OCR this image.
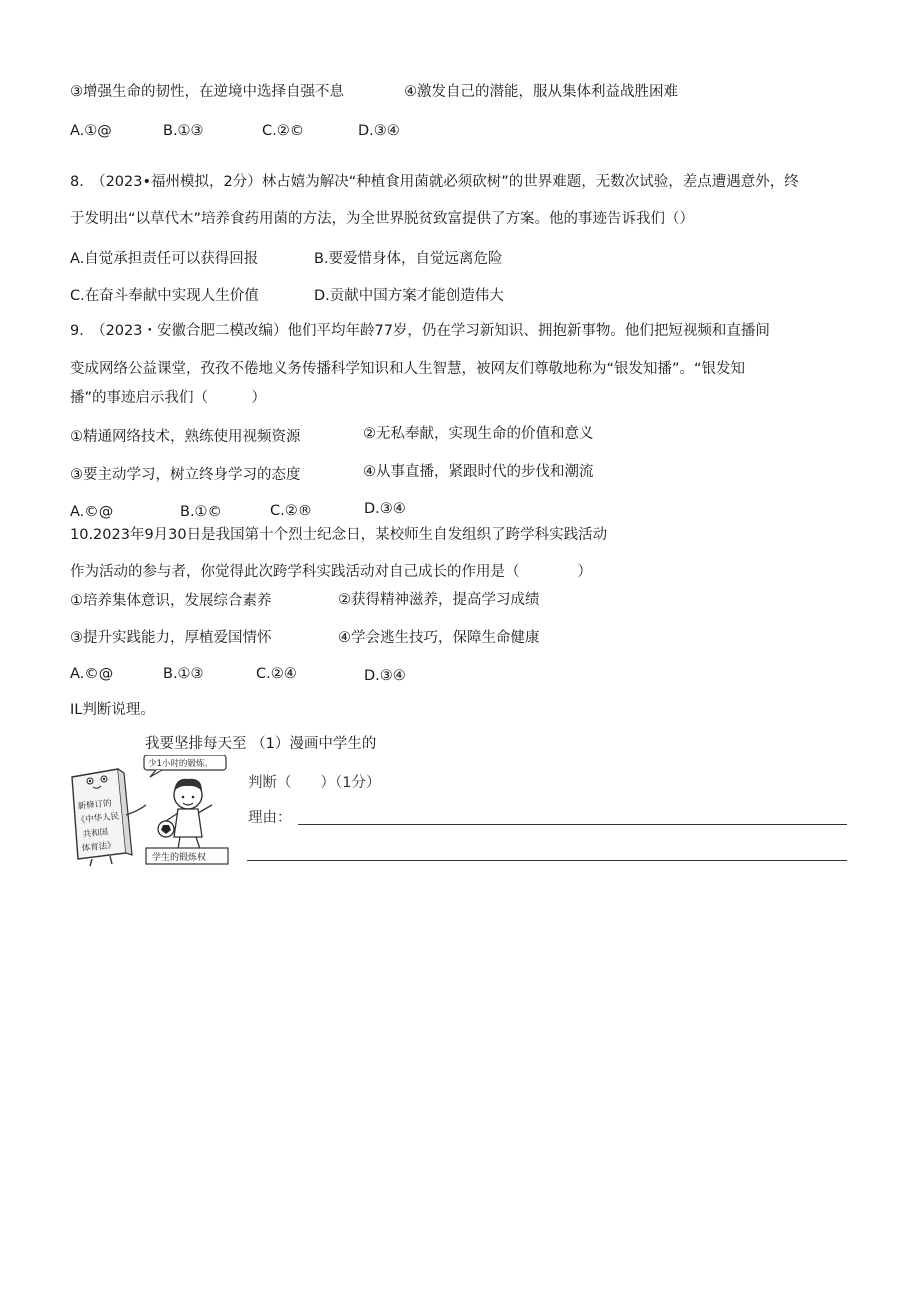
③增强生命的韧性，在逆境中选择自强不息	④激发自己的潜能，服从集体利益战胜困难
A.①@	B.①③	C.②©	D.③④
8.　（2023•福州模拟，2分）林占嬉为解决“种植食用菌就必须砍树”的世界难题，无数次试验，差点遭遇意外，终
于发明出“以草代木”培养食药用菌的方法，为全世界脱贫致富提供了方案。他的事迹告诉我们（）
A.自觉承担责任可以获得回报	B.要爱惜身体，自觉远离危险
C.在奋斗奉献中实现人生价值	D.贡献中国方案才能创造伟大
9.　（2023・安徽合肥二模改编）他们平均年龄77岁，仍在学习新知识、拥抱新事物。他们把短视频和直播间
变成网络公益课堂，孜孜不倦地义务传播科学知识和人生智慧，被网友们尊敬地称为“银发知播”。“银发知
播”的事迹启示我们（　　　）
①精通网络技术，熟练使用视频资源	②无私奉献，实现生命的价值和意义
③要主动学习，树立终身学习的态度	④从事直播，紧跟时代的步伐和潮流
A.©@	B.①©	C.②®	D.③④
10.2023年9月30日是我国第十个烈士纪念日，某校师生自发组织了跨学科实践活动
作为活动的参与者，你觉得此次跨学科实践活动对自己成长的作用是（　　　　）
①培养集体意识，发展综合素养	②获得精神滋养，提高学习成绩
③提升实践能力，厚植爱国情怀	④学会逃生技巧，保障生命健康
A.©@	B.①③	C.②④	D.③④
IL判断说理。
我要坚排每天至 （1）漫画中学生的
新修订的
《中华人民
共和国
体育法》
少1小时的锻炼。
学生的锻炼权
判断（　　）（1分）
理由：
